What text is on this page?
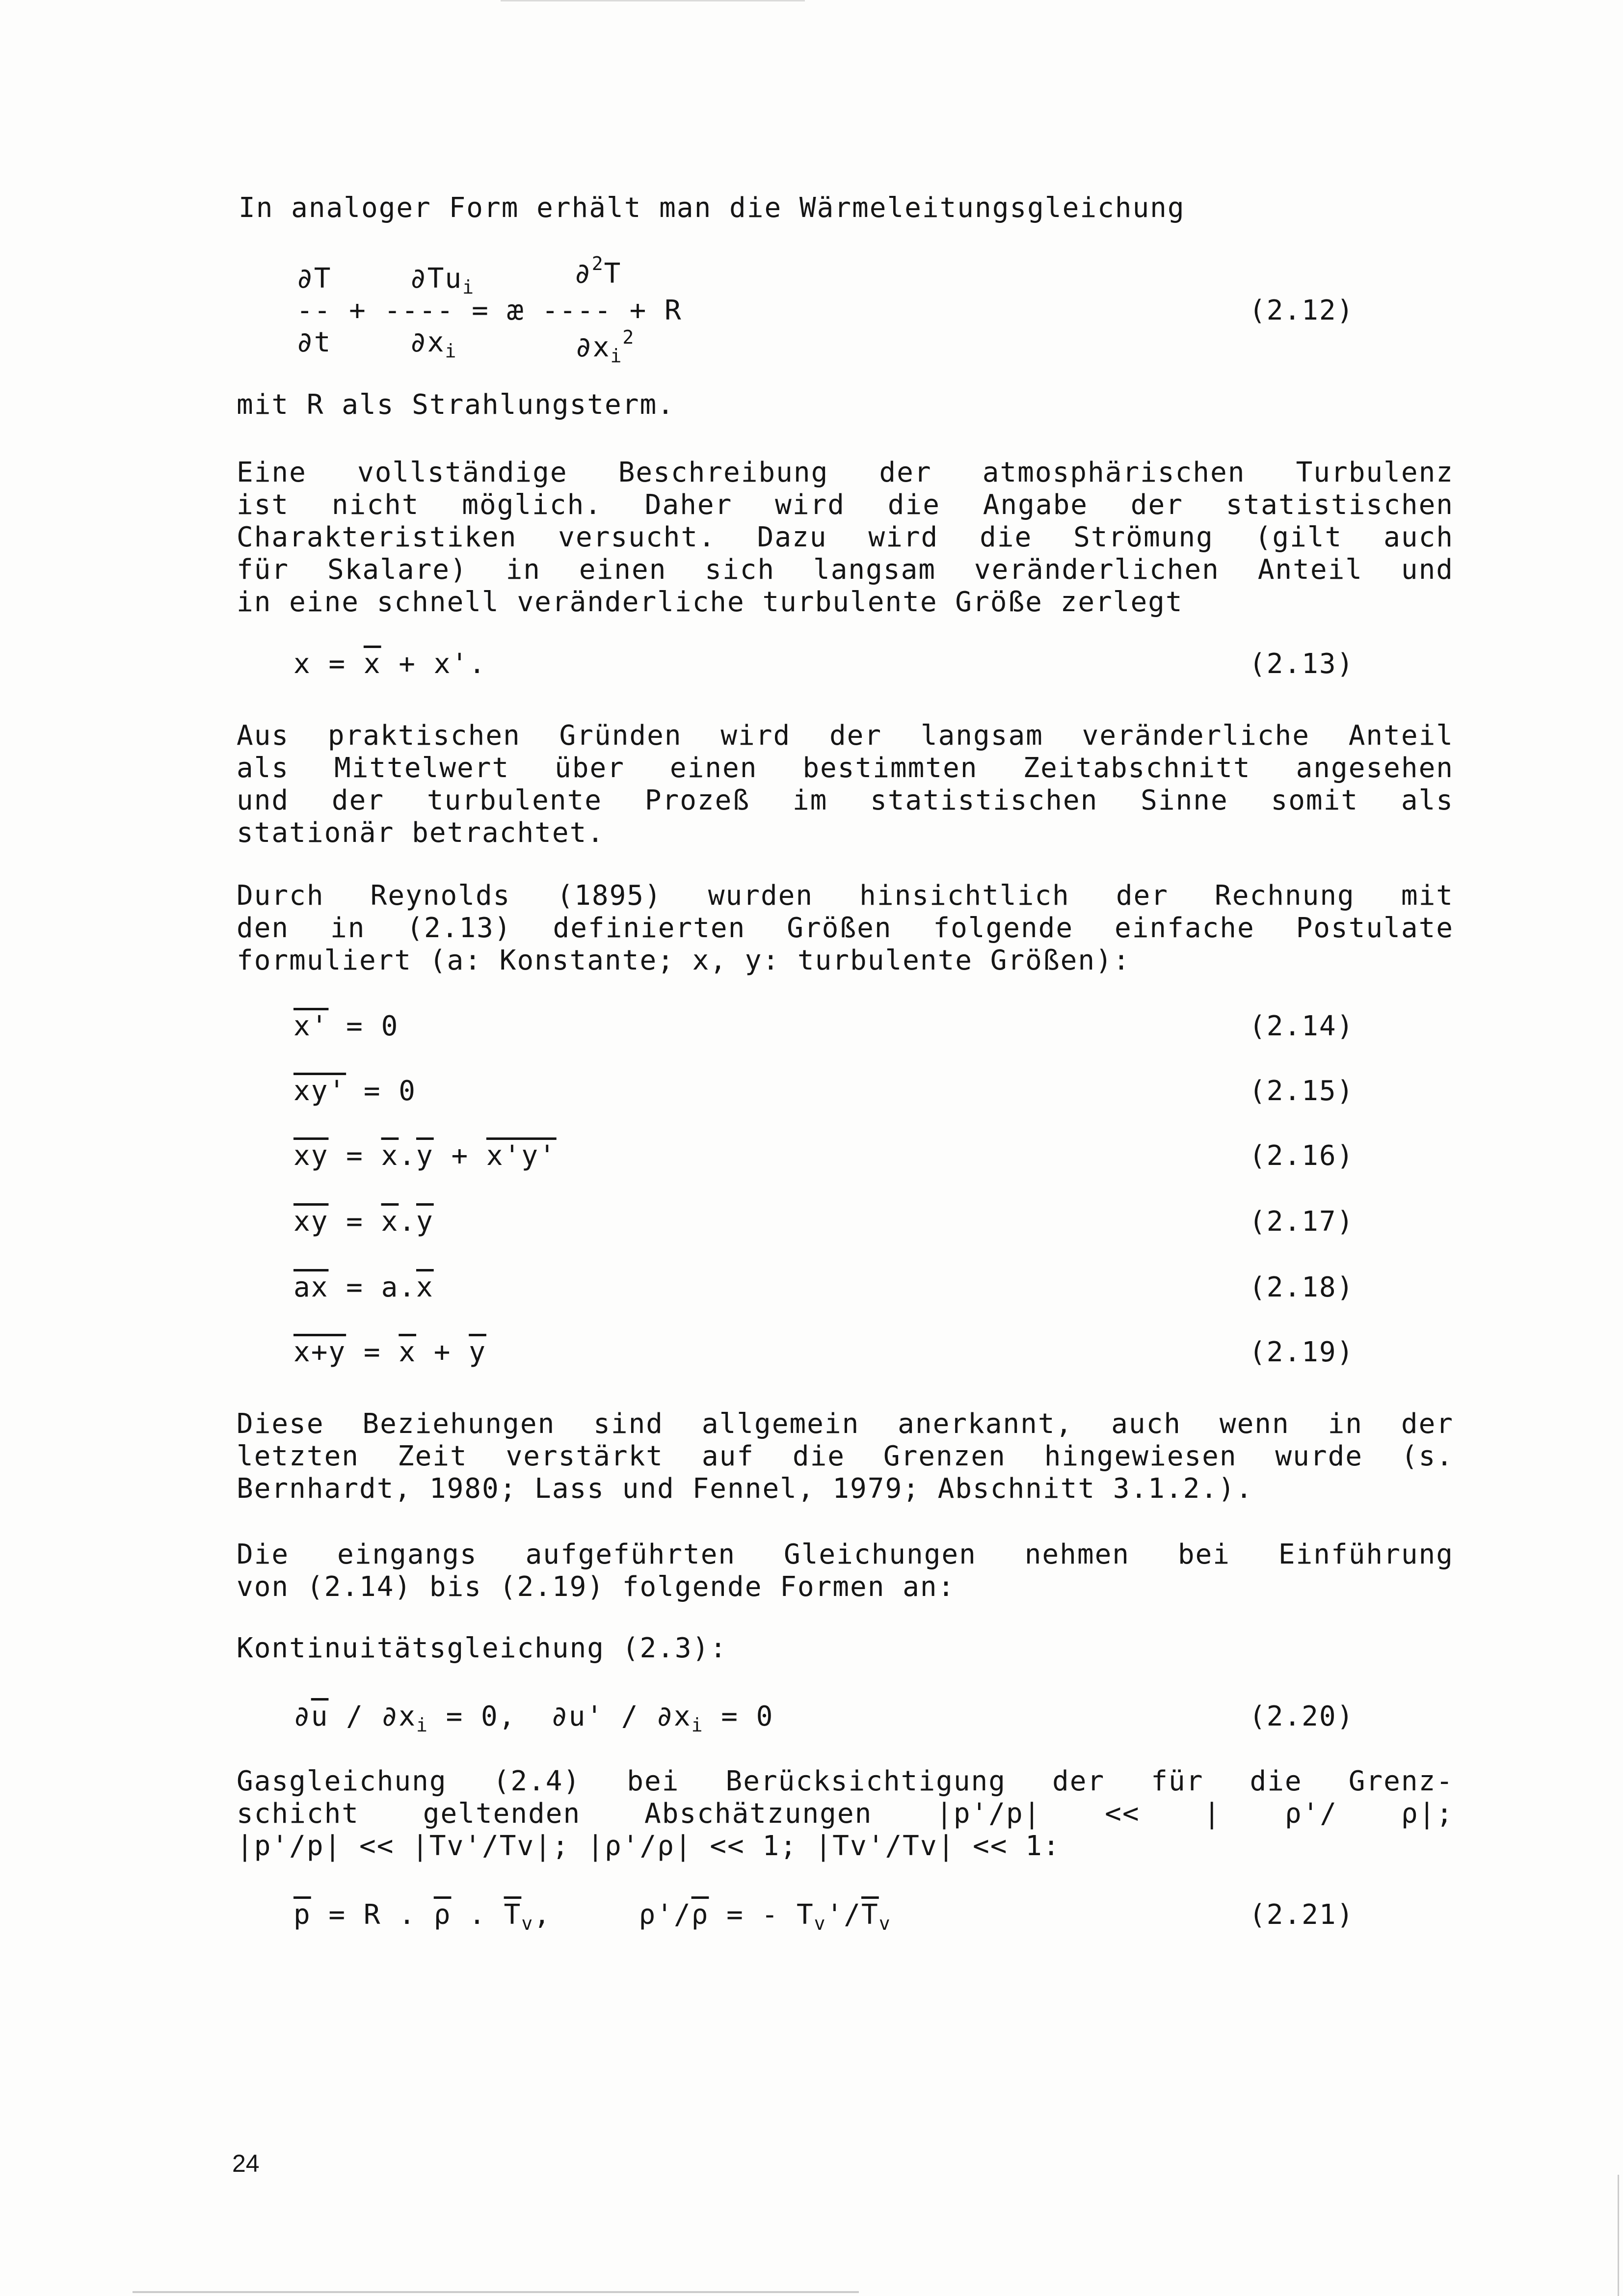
In analoger Form erhält man die Wärmeleitungsgleichung
∂T	$\partial Tu_i$	∂$^2$T
-- + ---- = æ ---- + R
∂t	$\partial x_i$	$\partial x_i^2$
(2.12)
mit R als Strahlungsterm.
Eine vollständige Beschreibung der atmosphärischen Turbulenz
ist nicht möglich. Daher wird die Angabe der statistischen
Charakteristiken versucht. Dazu wird die Strömung (gilt auch
für Skalare) in einen sich langsam veränderlichen Anteil und
in eine schnell veränderliche turbulente Größe zerlegt
$x = \overline{x} + x'$.	(2.13)
Aus praktischen Gründen wird der langsam veränderliche Anteil
als Mittelwert über einen bestimmten Zeitabschnitt angesehen
und der turbulente Prozeß im statistischen Sinne somit als
stationär betrachtet.
Durch Reynolds (1895) wurden hinsichtlich der Rechnung mit
den in (2.13) definierten Größen folgende einfache Postulate
formuliert (a: Konstante; x, y: turbulente Größen):
x' = 0	(2.14)
xy' = 0	(2.15)
$\overline{xy} = \overline{x}.\overline{y} + x'y'$	(2.16)
$\overline{xy} = \overline{x}.\overline{y}$	(2.17)
$\overline{ax} = a.\overline{x}$	(2.18)
$x+y = \overline{x} + \overline{y}$	(2.19)
Diese Beziehungen sind allgemein anerkannt, auch wenn in der
letzten Zeit verstärkt auf die Grenzen hingewiesen wurde (s.
Bernhardt, 1980; Lass und Fennel, 1979; Abschnitt 3.1.2.).
Die eingangs aufgeführten Gleichungen nehmen bei Einführung
von (2.14) bis (2.19) folgende Formen an:
Kontinuitätsgleichung (2.3):
$\partial\overline{u} / \partial x_i = 0$,  $\partial u' / \partial x_i = 0$	(2.20)
Gasgleichung (2.4) bei Berücksichtigung der für die Grenz-
schicht geltenden Abschätzungen |p'/p| << | ρ'/ ρ|;
|p'/p| << |Tv'/Tv|; |ρ'/ρ| << 1; |Tv'/Tv| << 1:
$\overline{p} = R$ . $\overline{\rho}$ . $\overline{T}_v$,     $\rho'/\overline{\rho}$ = - $T_v'/\overline{T}_v$	(2.21)
24
